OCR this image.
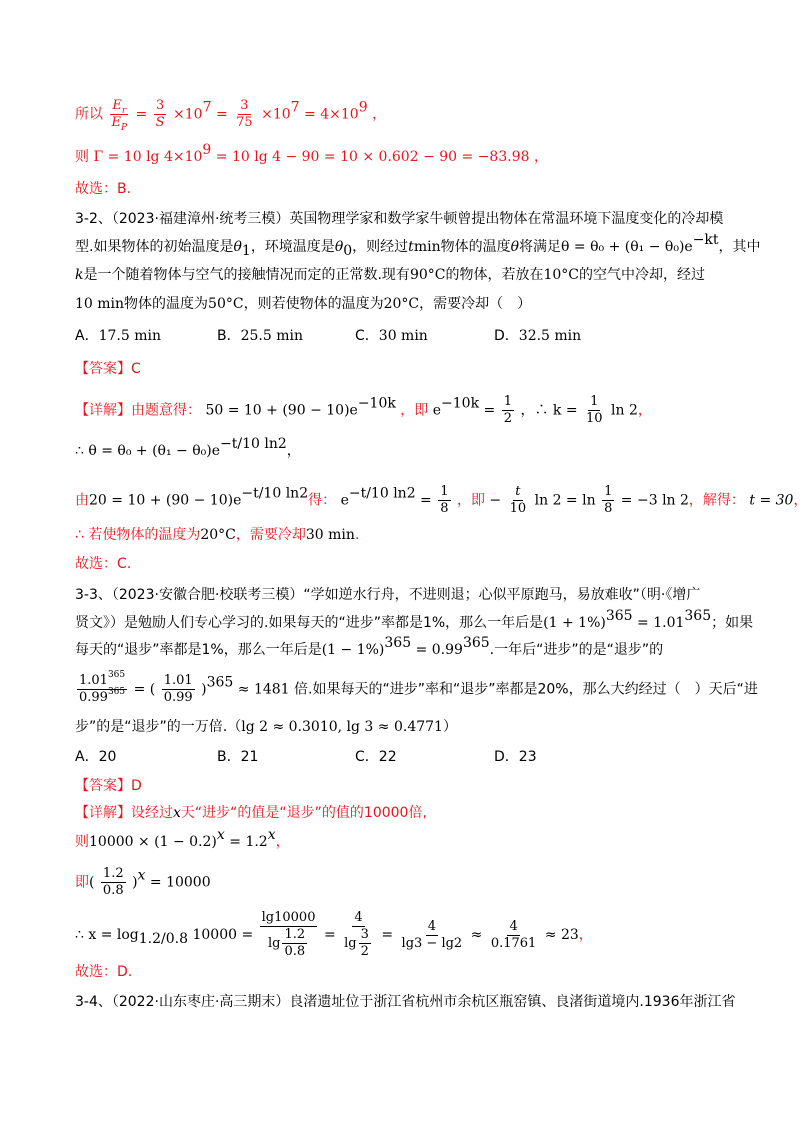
所以 $\frac{E_r}{E_P} = \frac{3}{S} \times 10^7 = \frac{3}{75} \times 10^7 = 4\times 10^9$ ，
则 Γ = 10 $\lg 4\times 10^9 = 10$ lg 4 − 90 = 10 × 0.602 − 90 = −83.98 ，
故选：B.
3-2、（2023·福建漳州·统考三模）英国物理学家和数学家牛顿曾提出物体在常温环境下温度变化的冷却模
型.如果物体的初始温度是$\theta_1$，环境温度是$\theta_0$，则经过tmin物体的温度θ将满足$\theta = \theta_0 + (\theta_1 - \theta_0)e^{-kt}$，其中
k是一个随着物体与空气的接触情况而定的正常数.现有90°C的物体，若放在10°C的空气中冷却，经过
10 min物体的温度为50°C，则若使物体的温度为20°C，需要冷却（　）
A．17.5 min	B．25.5 min	C．30 min	D．32.5 min
【答案】C
【详解】由题意得： $50 = 10 + (90 - 10)e^{-10k}$ ，即 $e^{-10k} = \frac{1}{2}$ ，∴ $k = \frac{1}{10}$ ln 2，
∴ $\theta = \theta_0 + (\theta_1 - \theta_0)e^{-t/10 ln2}$，
由$20 = 10 + (90 - 10)e^{-t/10 ln2}$得： $e^{-t/10 ln2} = \frac{1}{8}$ ，即 − $\frac{t}{10}$ $\ln 2 = \ln \frac{1}{8} = -3$ ln 2，解得： t = 30，
∴ 若使物体的温度为20°C，需要冷却30 min.
故选：C.
3-3、（2023·安徽合肥·校联考三模）“学如逆水行舟，不进则退；心似平原跑马，易放难收”（明·《增广
贤文》）是勉励人们专心学习的.如果每天的“进步”率都是1%，那么一年后是$(1 + 1\%)^{365} = 1.01^{365}$；如果
每天的“退步”率都是1%，那么一年后是$(1 - 1\%)^{365} = 0.99^{365}$.一年后“进步”的是“退步”的
$\frac{1.01^{365}}{0.99^{365}}$ = ( $\frac{1.01}{0.99} )^{365} \approx 1481$ 倍.如果每天的“进步”率和“退步”率都是20%，那么大约经过（　）天后“进
步”的是“退步”的一万倍.（lg 2 ≈ 0.3010, lg 3 ≈ 0.4771）
A．20	B．21	C．22	D．23
【答案】D
【详解】设经过x天“进步“的值是“退步”的值的10000倍,
则$10000 \times (1 - 0.2)^x = 1.2^x$，
即( $\frac{1.2}{0.8} )^x = 10000$
∴ $x = \log_{1.2/0.8} 10000 = \frac{\lg 10000}{\lg \frac{1.2}{0.8}} = \frac{4}{\lg \frac{3}{2}} = \frac{4}{\lg 3 - \lg 2} \approx \frac{4}{0.1761} \approx 23$，
故选：D.
3-4、（2022·山东枣庄·高三期末）良渚遗址位于浙江省杭州市余杭区瓶窑镇、良渚街道境内.1936年浙江省
